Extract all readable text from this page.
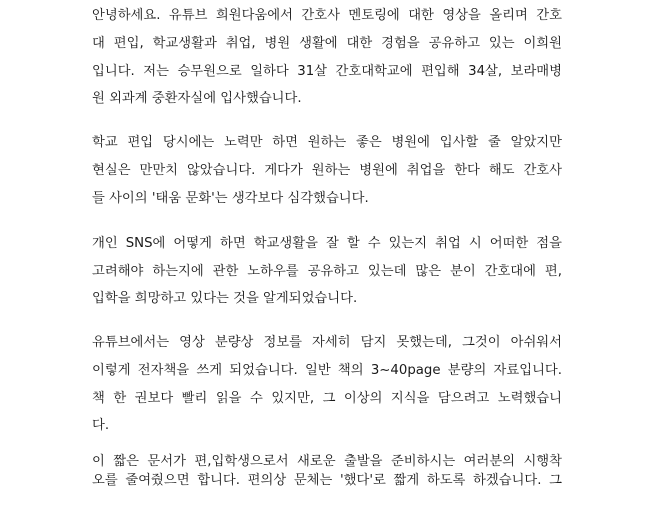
안녕하세요. 유튜브 희원다움에서 간호사 멘토링에 대한 영상을 올리며 간호
대 편입, 학교생활과 취업, 병원 생활에 대한 경험을 공유하고 있는 이희원
입니다. 저는 승무원으로 일하다 31살 간호대학교에 편입해 34살, 보라매병
원 외과계 중환자실에 입사했습니다.
학교 편입 당시에는 노력만 하면 원하는 좋은 병원에 입사할 줄 알았지만
현실은 만만치 않았습니다. 게다가 원하는 병원에 취업을 한다 해도 간호사
들 사이의 '태움 문화'는 생각보다 심각했습니다.
개인 SNS에 어떻게 하면 학교생활을 잘 할 수 있는지 취업 시 어떠한 점을
고려해야 하는지에 관한 노하우를 공유하고 있는데 많은 분이 간호대에 편,
입학을 희망하고 있다는 것을 알게되었습니다.
유튜브에서는 영상 분량상 정보를 자세히 담지 못했는데, 그것이 아쉬워서
이렇게 전자책을 쓰게 되었습니다. 일반 책의 3~40page 분량의 자료입니다.
책 한 권보다 빨리 읽을 수 있지만, 그 이상의 지식을 담으려고 노력했습니
다.
이 짧은 문서가 편,입학생으로서 새로운 출발을 준비하시는 여러분의 시행착
오를 줄여줬으면 합니다. 편의상 문체는 '했다'로 짧게 하도록 하겠습니다. 그
